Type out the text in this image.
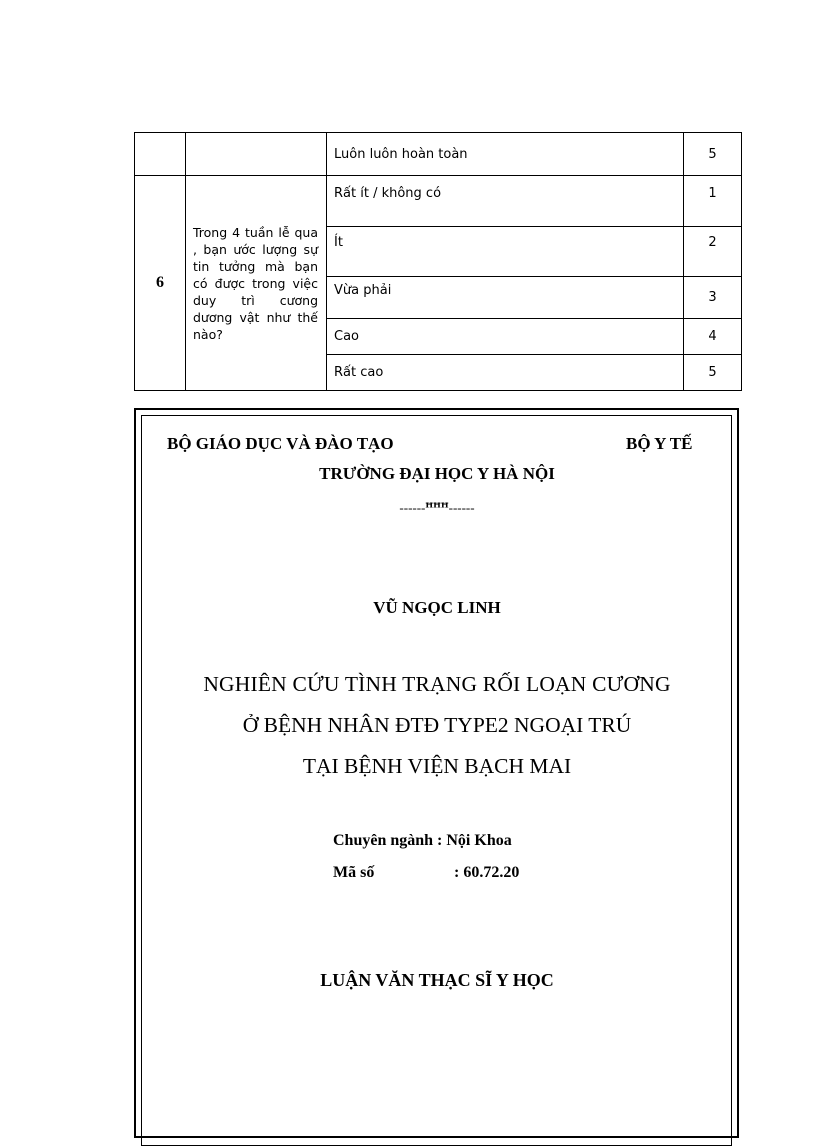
		Luôn luôn hoàn toàn	5
6	Trong 4 tuần lễ qua , bạn ước lượng sự tin tưởng mà bạn có được trong việc duy trì cương dương vật như thế nào?	Rất ít / không có	1
		Ít	2
		Vừa phải	3
		Cao	4
		Rất cao	5
BỘ GIÁO DỤC VÀ ĐÀO TẠO	BỘ Y TẾ
TRƯỜNG ĐẠI HỌC Y HÀ NỘI
------ꟸꟸꟸ------
VŨ NGỌC LINH
NGHIÊN CỨU TÌNH TRẠNG RỐI LOẠN CƯƠNG
Ở BỆNH NHÂN ĐTĐ TYPE2 NGOẠI TRÚ
TẠI BỆNH VIỆN BẠCH MAI
Chuyên ngành : Nội Khoa
Mã số	: 60.72.20
LUẬN VĂN THẠC SĨ Y HỌC
